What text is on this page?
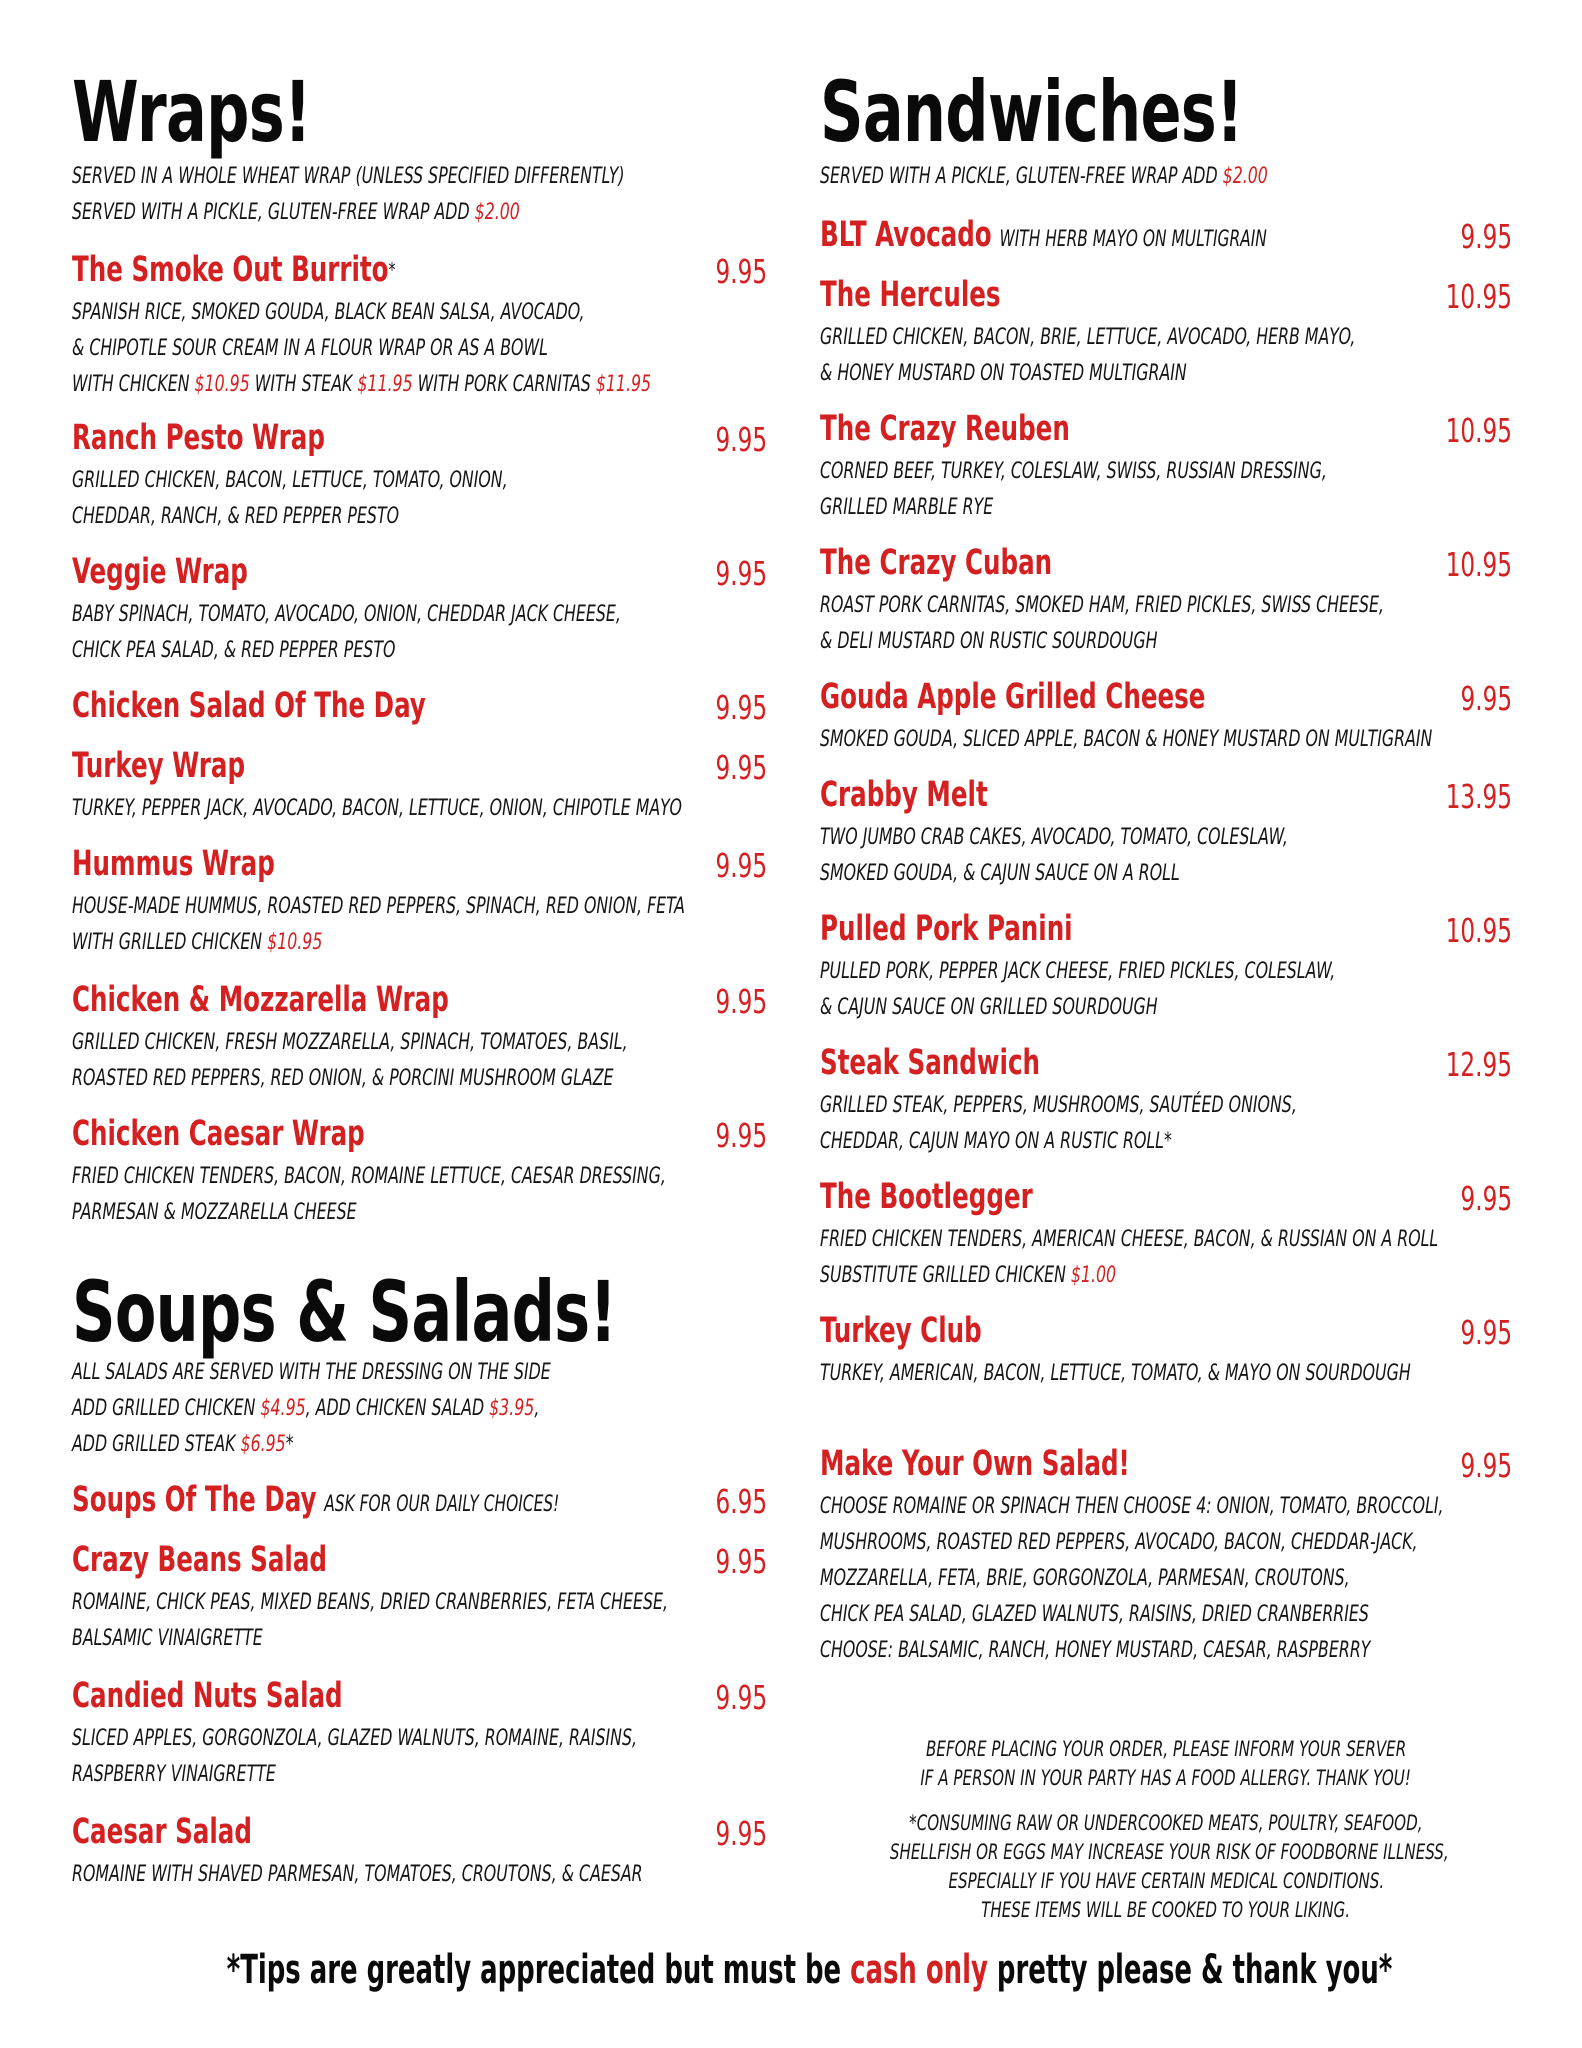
Wraps!
SERVED IN A WHOLE WHEAT WRAP (UNLESS SPECIFIED DIFFERENTLY)
SERVED WITH A PICKLE, GLUTEN-FREE WRAP ADD $2.00
The Smoke Out Burrito*	9.95
SPANISH RICE, SMOKED GOUDA, BLACK BEAN SALSA, AVOCADO,
& CHIPOTLE SOUR CREAM IN A FLOUR WRAP OR AS A BOWL
WITH CHICKEN $10.95 WITH STEAK $11.95 WITH PORK CARNITAS $11.95
Ranch Pesto Wrap	9.95
GRILLED CHICKEN, BACON, LETTUCE, TOMATO, ONION,
CHEDDAR, RANCH, & RED PEPPER PESTO
Veggie Wrap	9.95
BABY SPINACH, TOMATO, AVOCADO, ONION, CHEDDAR JACK CHEESE,
CHICK PEA SALAD, & RED PEPPER PESTO
Chicken Salad Of The Day	9.95
Turkey Wrap	9.95
TURKEY, PEPPER JACK, AVOCADO, BACON, LETTUCE, ONION, CHIPOTLE MAYO
Hummus Wrap	9.95
HOUSE-MADE HUMMUS, ROASTED RED PEPPERS, SPINACH, RED ONION, FETA
WITH GRILLED CHICKEN $10.95
Chicken & Mozzarella Wrap	9.95
GRILLED CHICKEN, FRESH MOZZARELLA, SPINACH, TOMATOES, BASIL,
ROASTED RED PEPPERS, RED ONION, & PORCINI MUSHROOM GLAZE
Chicken Caesar Wrap	9.95
FRIED CHICKEN TENDERS, BACON, ROMAINE LETTUCE, CAESAR DRESSING,
PARMESAN & MOZZARELLA CHEESE
Soups & Salads!
ALL SALADS ARE SERVED WITH THE DRESSING ON THE SIDE
ADD GRILLED CHICKEN $4.95, ADD CHICKEN SALAD $3.95,
ADD GRILLED STEAK $6.95*
Soups Of The Day ASK FOR OUR DAILY CHOICES!	6.95
Crazy Beans Salad	9.95
ROMAINE, CHICK PEAS, MIXED BEANS, DRIED CRANBERRIES, FETA CHEESE,
BALSAMIC VINAIGRETTE
Candied Nuts Salad	9.95
SLICED APPLES, GORGONZOLA, GLAZED WALNUTS, ROMAINE, RAISINS,
RASPBERRY VINAIGRETTE
Caesar Salad	9.95
ROMAINE WITH SHAVED PARMESAN, TOMATOES, CROUTONS, & CAESAR
Sandwiches!
SERVED WITH A PICKLE, GLUTEN-FREE WRAP ADD $2.00
BLT Avocado WITH HERB MAYO ON MULTIGRAIN	9.95
The Hercules	10.95
GRILLED CHICKEN, BACON, BRIE, LETTUCE, AVOCADO, HERB MAYO,
& HONEY MUSTARD ON TOASTED MULTIGRAIN
The Crazy Reuben	10.95
CORNED BEEF, TURKEY, COLESLAW, SWISS, RUSSIAN DRESSING,
GRILLED MARBLE RYE
The Crazy Cuban	10.95
ROAST PORK CARNITAS, SMOKED HAM, FRIED PICKLES, SWISS CHEESE,
& DELI MUSTARD ON RUSTIC SOURDOUGH
Gouda Apple Grilled Cheese	9.95
SMOKED GOUDA, SLICED APPLE, BACON & HONEY MUSTARD ON MULTIGRAIN
Crabby Melt	13.95
TWO JUMBO CRAB CAKES, AVOCADO, TOMATO, COLESLAW,
SMOKED GOUDA, & CAJUN SAUCE ON A ROLL
Pulled Pork Panini	10.95
PULLED PORK, PEPPER JACK CHEESE, FRIED PICKLES, COLESLAW,
& CAJUN SAUCE ON GRILLED SOURDOUGH
Steak Sandwich	12.95
GRILLED STEAK, PEPPERS, MUSHROOMS, SAUTÉED ONIONS,
CHEDDAR, CAJUN MAYO ON A RUSTIC ROLL*
The Bootlegger	9.95
FRIED CHICKEN TENDERS, AMERICAN CHEESE, BACON, & RUSSIAN ON A ROLL
SUBSTITUTE GRILLED CHICKEN $1.00
Turkey Club	9.95
TURKEY, AMERICAN, BACON, LETTUCE, TOMATO, & MAYO ON SOURDOUGH
Make Your Own Salad!	9.95
CHOOSE ROMAINE OR SPINACH THEN CHOOSE 4: ONION, TOMATO, BROCCOLI,
MUSHROOMS, ROASTED RED PEPPERS, AVOCADO, BACON, CHEDDAR-JACK,
MOZZARELLA, FETA, BRIE, GORGONZOLA, PARMESAN, CROUTONS,
CHICK PEA SALAD, GLAZED WALNUTS, RAISINS, DRIED CRANBERRIES
CHOOSE: BALSAMIC, RANCH, HONEY MUSTARD, CAESAR, RASPBERRY
BEFORE PLACING YOUR ORDER, PLEASE INFORM YOUR SERVER
IF A PERSON IN YOUR PARTY HAS A FOOD ALLERGY. THANK YOU!
*CONSUMING RAW OR UNDERCOOKED MEATS, POULTRY, SEAFOOD,
SHELLFISH OR EGGS MAY INCREASE YOUR RISK OF FOODBORNE ILLNESS,
ESPECIALLY IF YOU HAVE CERTAIN MEDICAL CONDITIONS.
THESE ITEMS WILL BE COOKED TO YOUR LIKING.
*Tips are greatly appreciated but must be cash only pretty please & thank you*
